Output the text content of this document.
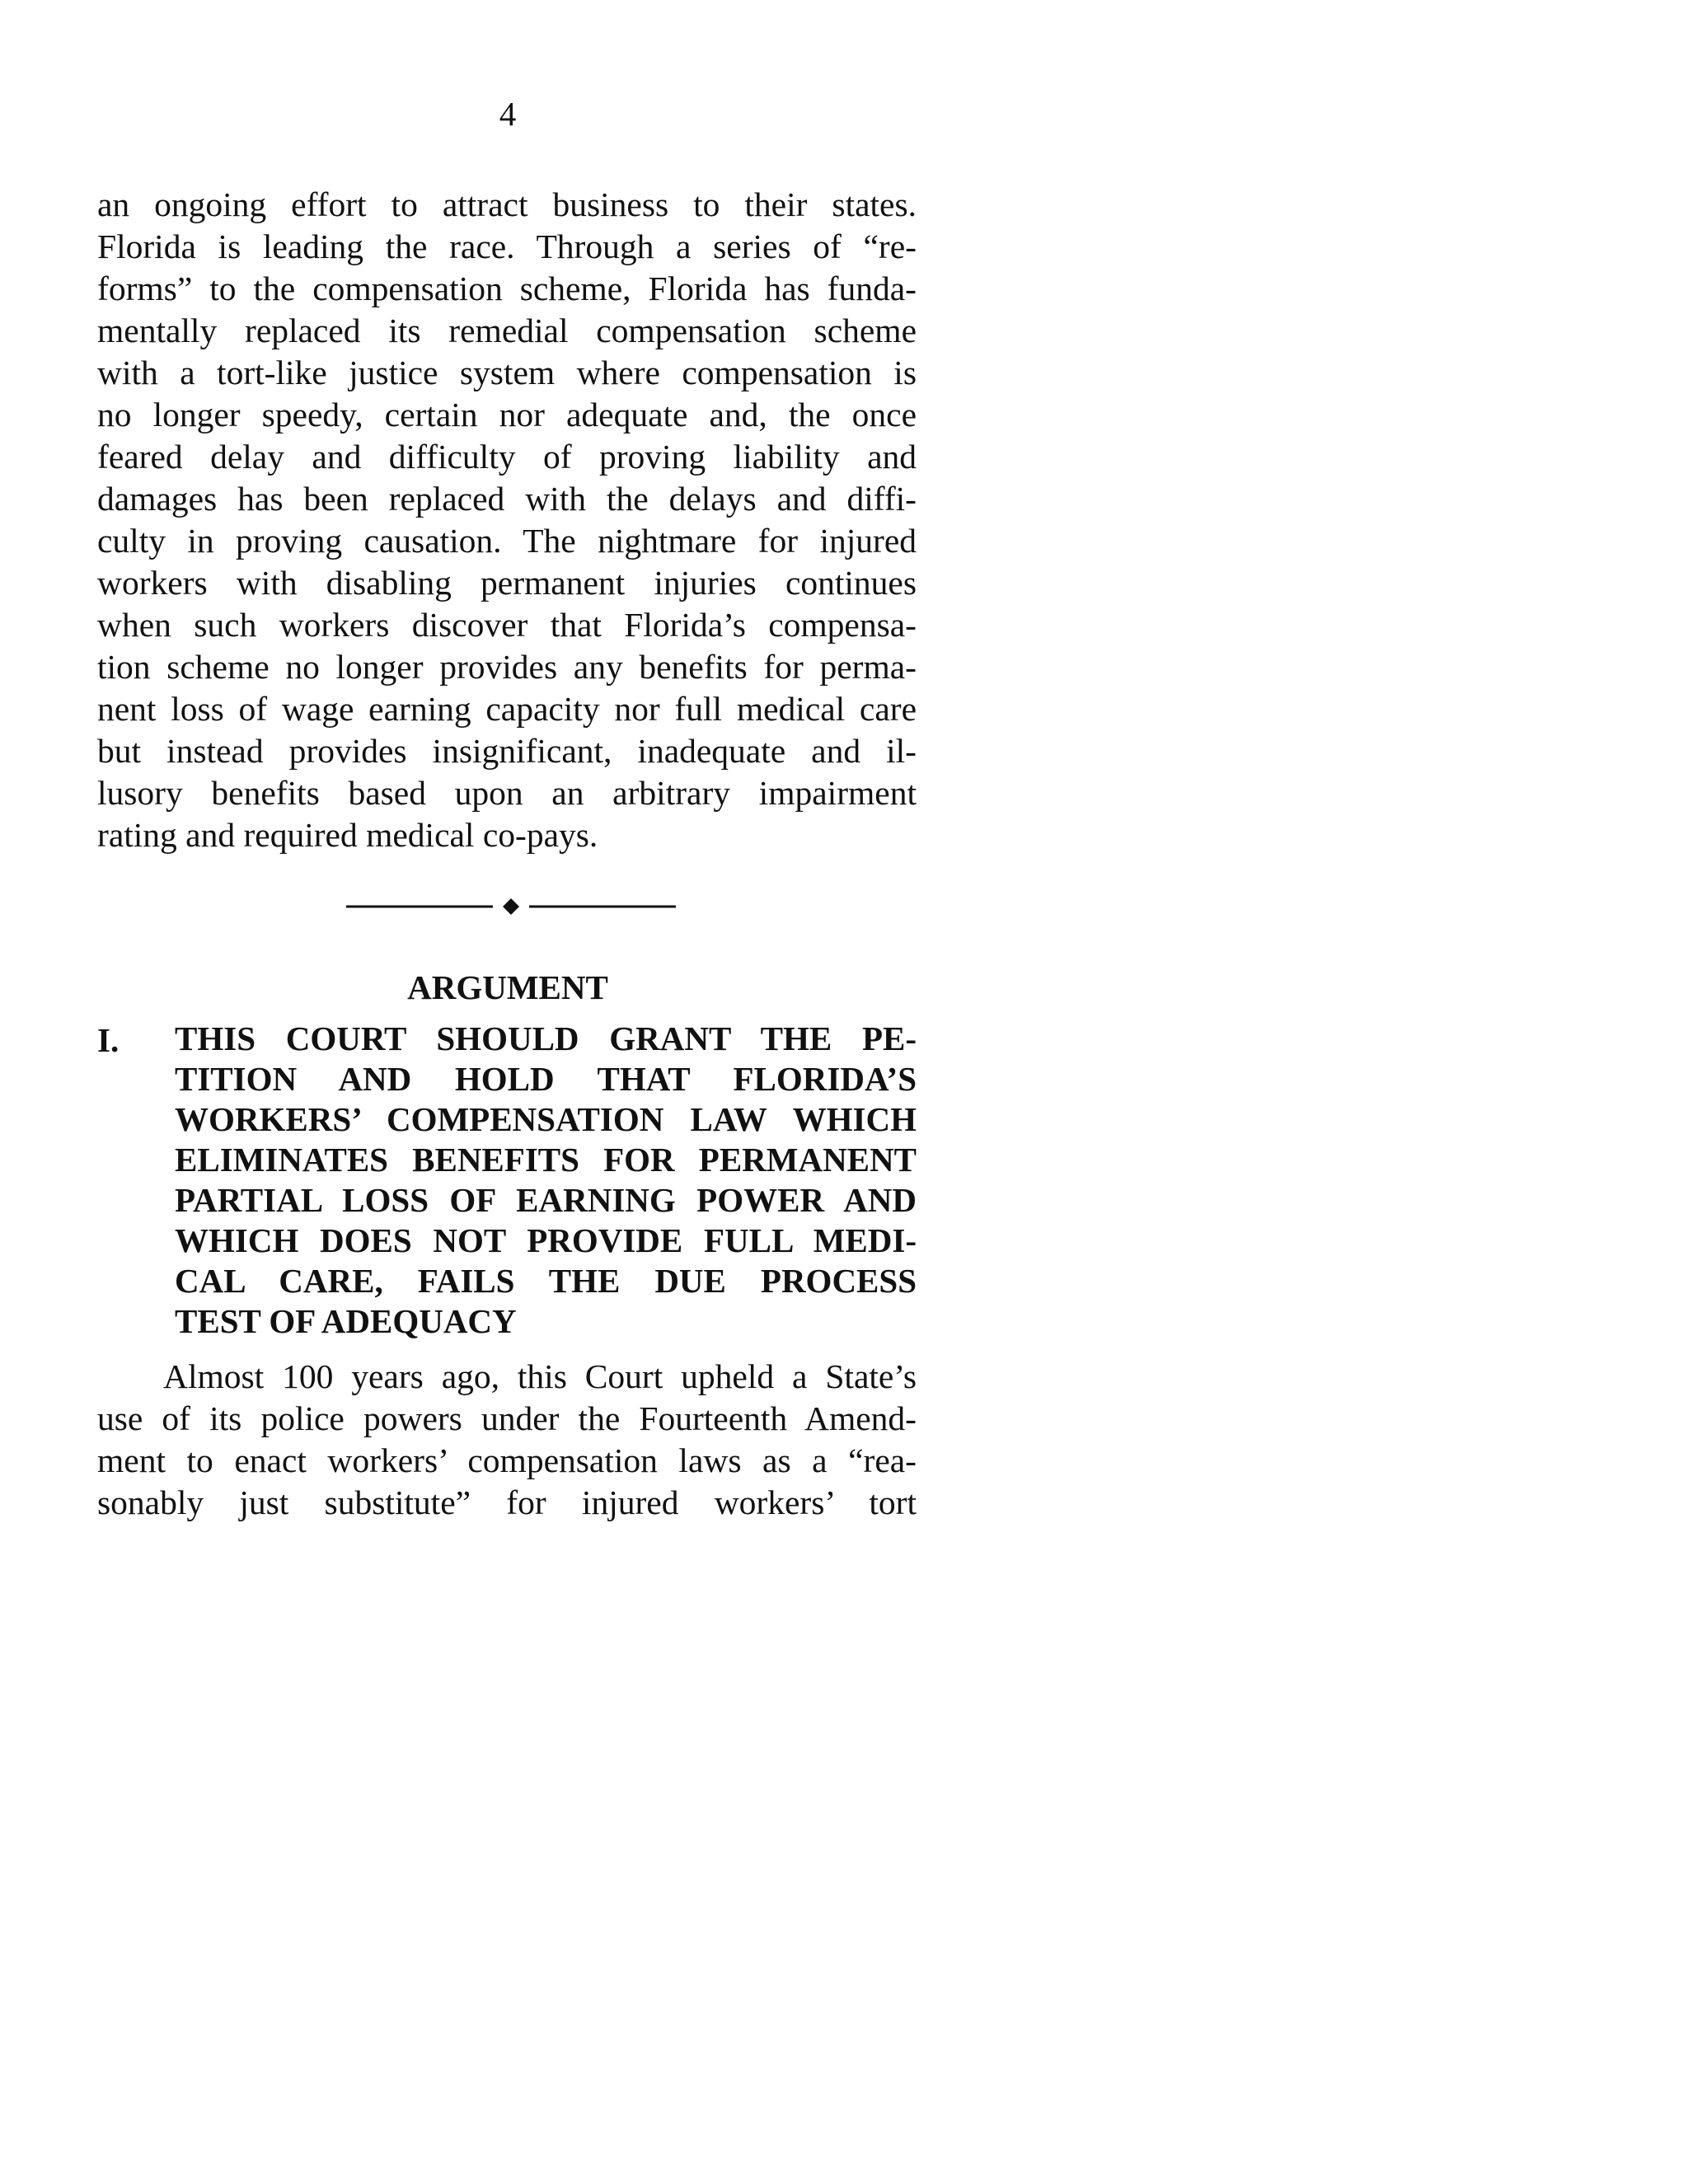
4
an ongoing effort to attract business to their states.
Florida is leading the race. Through a series of “re-
forms” to the compensation scheme, Florida has funda-
mentally replaced its remedial compensation scheme
with a tort-like justice system where compensation is
no longer speedy, certain nor adequate and, the once
feared delay and difficulty of proving liability and
damages has been replaced with the delays and diffi-
culty in proving causation. The nightmare for injured
workers with disabling permanent injuries continues
when such workers discover that Florida’s compensa-
tion scheme no longer provides any benefits for perma-
nent loss of wage earning capacity nor full medical care
but instead provides insignificant, inadequate and il-
lusory benefits based upon an arbitrary impairment
rating and required medical co-pays.
ARGUMENT
I. THIS COURT SHOULD GRANT THE PE-
TITION AND HOLD THAT FLORIDA’S
WORKERS’ COMPENSATION LAW WHICH
ELIMINATES BENEFITS FOR PERMANENT
PARTIAL LOSS OF EARNING POWER AND
WHICH DOES NOT PROVIDE FULL MEDI-
CAL CARE, FAILS THE DUE PROCESS
TEST OF ADEQUACY
Almost 100 years ago, this Court upheld a State’s
use of its police powers under the Fourteenth Amend-
ment to enact workers’ compensation laws as a “rea-
sonably just substitute” for injured workers’ tort
